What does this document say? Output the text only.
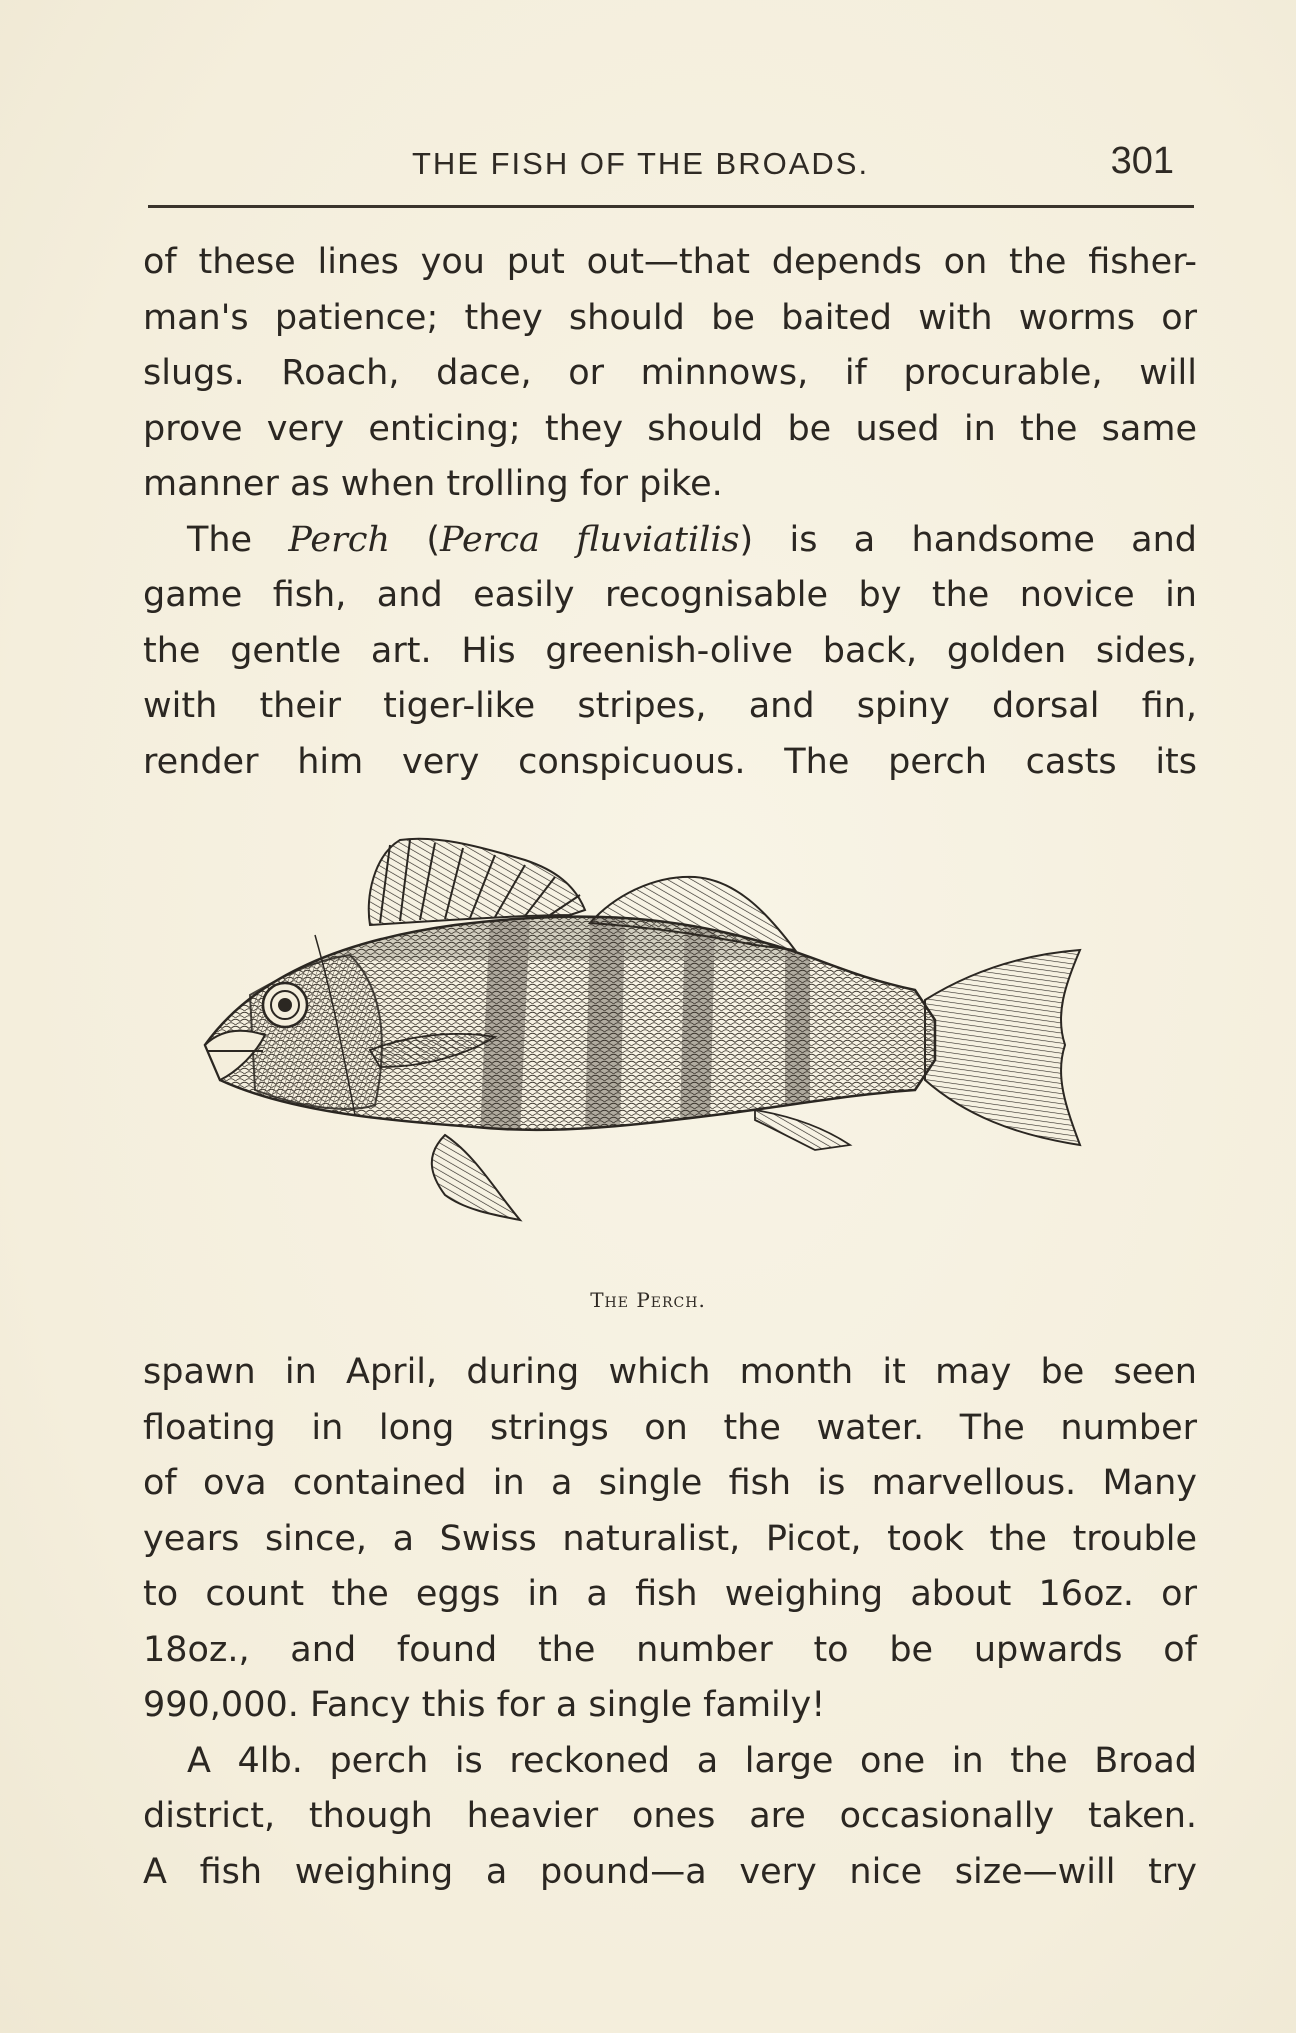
THE FISH OF THE BROADS.	301
of these lines you put out—that depends on the fisher-
man's patience; they should be baited with worms or
slugs. Roach, dace, or minnows, if procurable, will
prove very enticing; they should be used in the same
manner as when trolling for pike.
The Perch (Perca fluviatilis) is a handsome and
game fish, and easily recognisable by the novice in
the gentle art. His greenish-olive back, golden sides,
with their tiger-like stripes, and spiny dorsal fin,
render him very conspicuous. The perch casts its
The Perch.
spawn in April, during which month it may be seen
floating in long strings on the water. The number
of ova contained in a single fish is marvellous. Many
years since, a Swiss naturalist, Picot, took the trouble
to count the eggs in a fish weighing about 16oz. or
18oz., and found the number to be upwards of
990,000. Fancy this for a single family!
A 4lb. perch is reckoned a large one in the Broad
district, though heavier ones are occasionally taken.
A fish weighing a pound—a very nice size—will try
